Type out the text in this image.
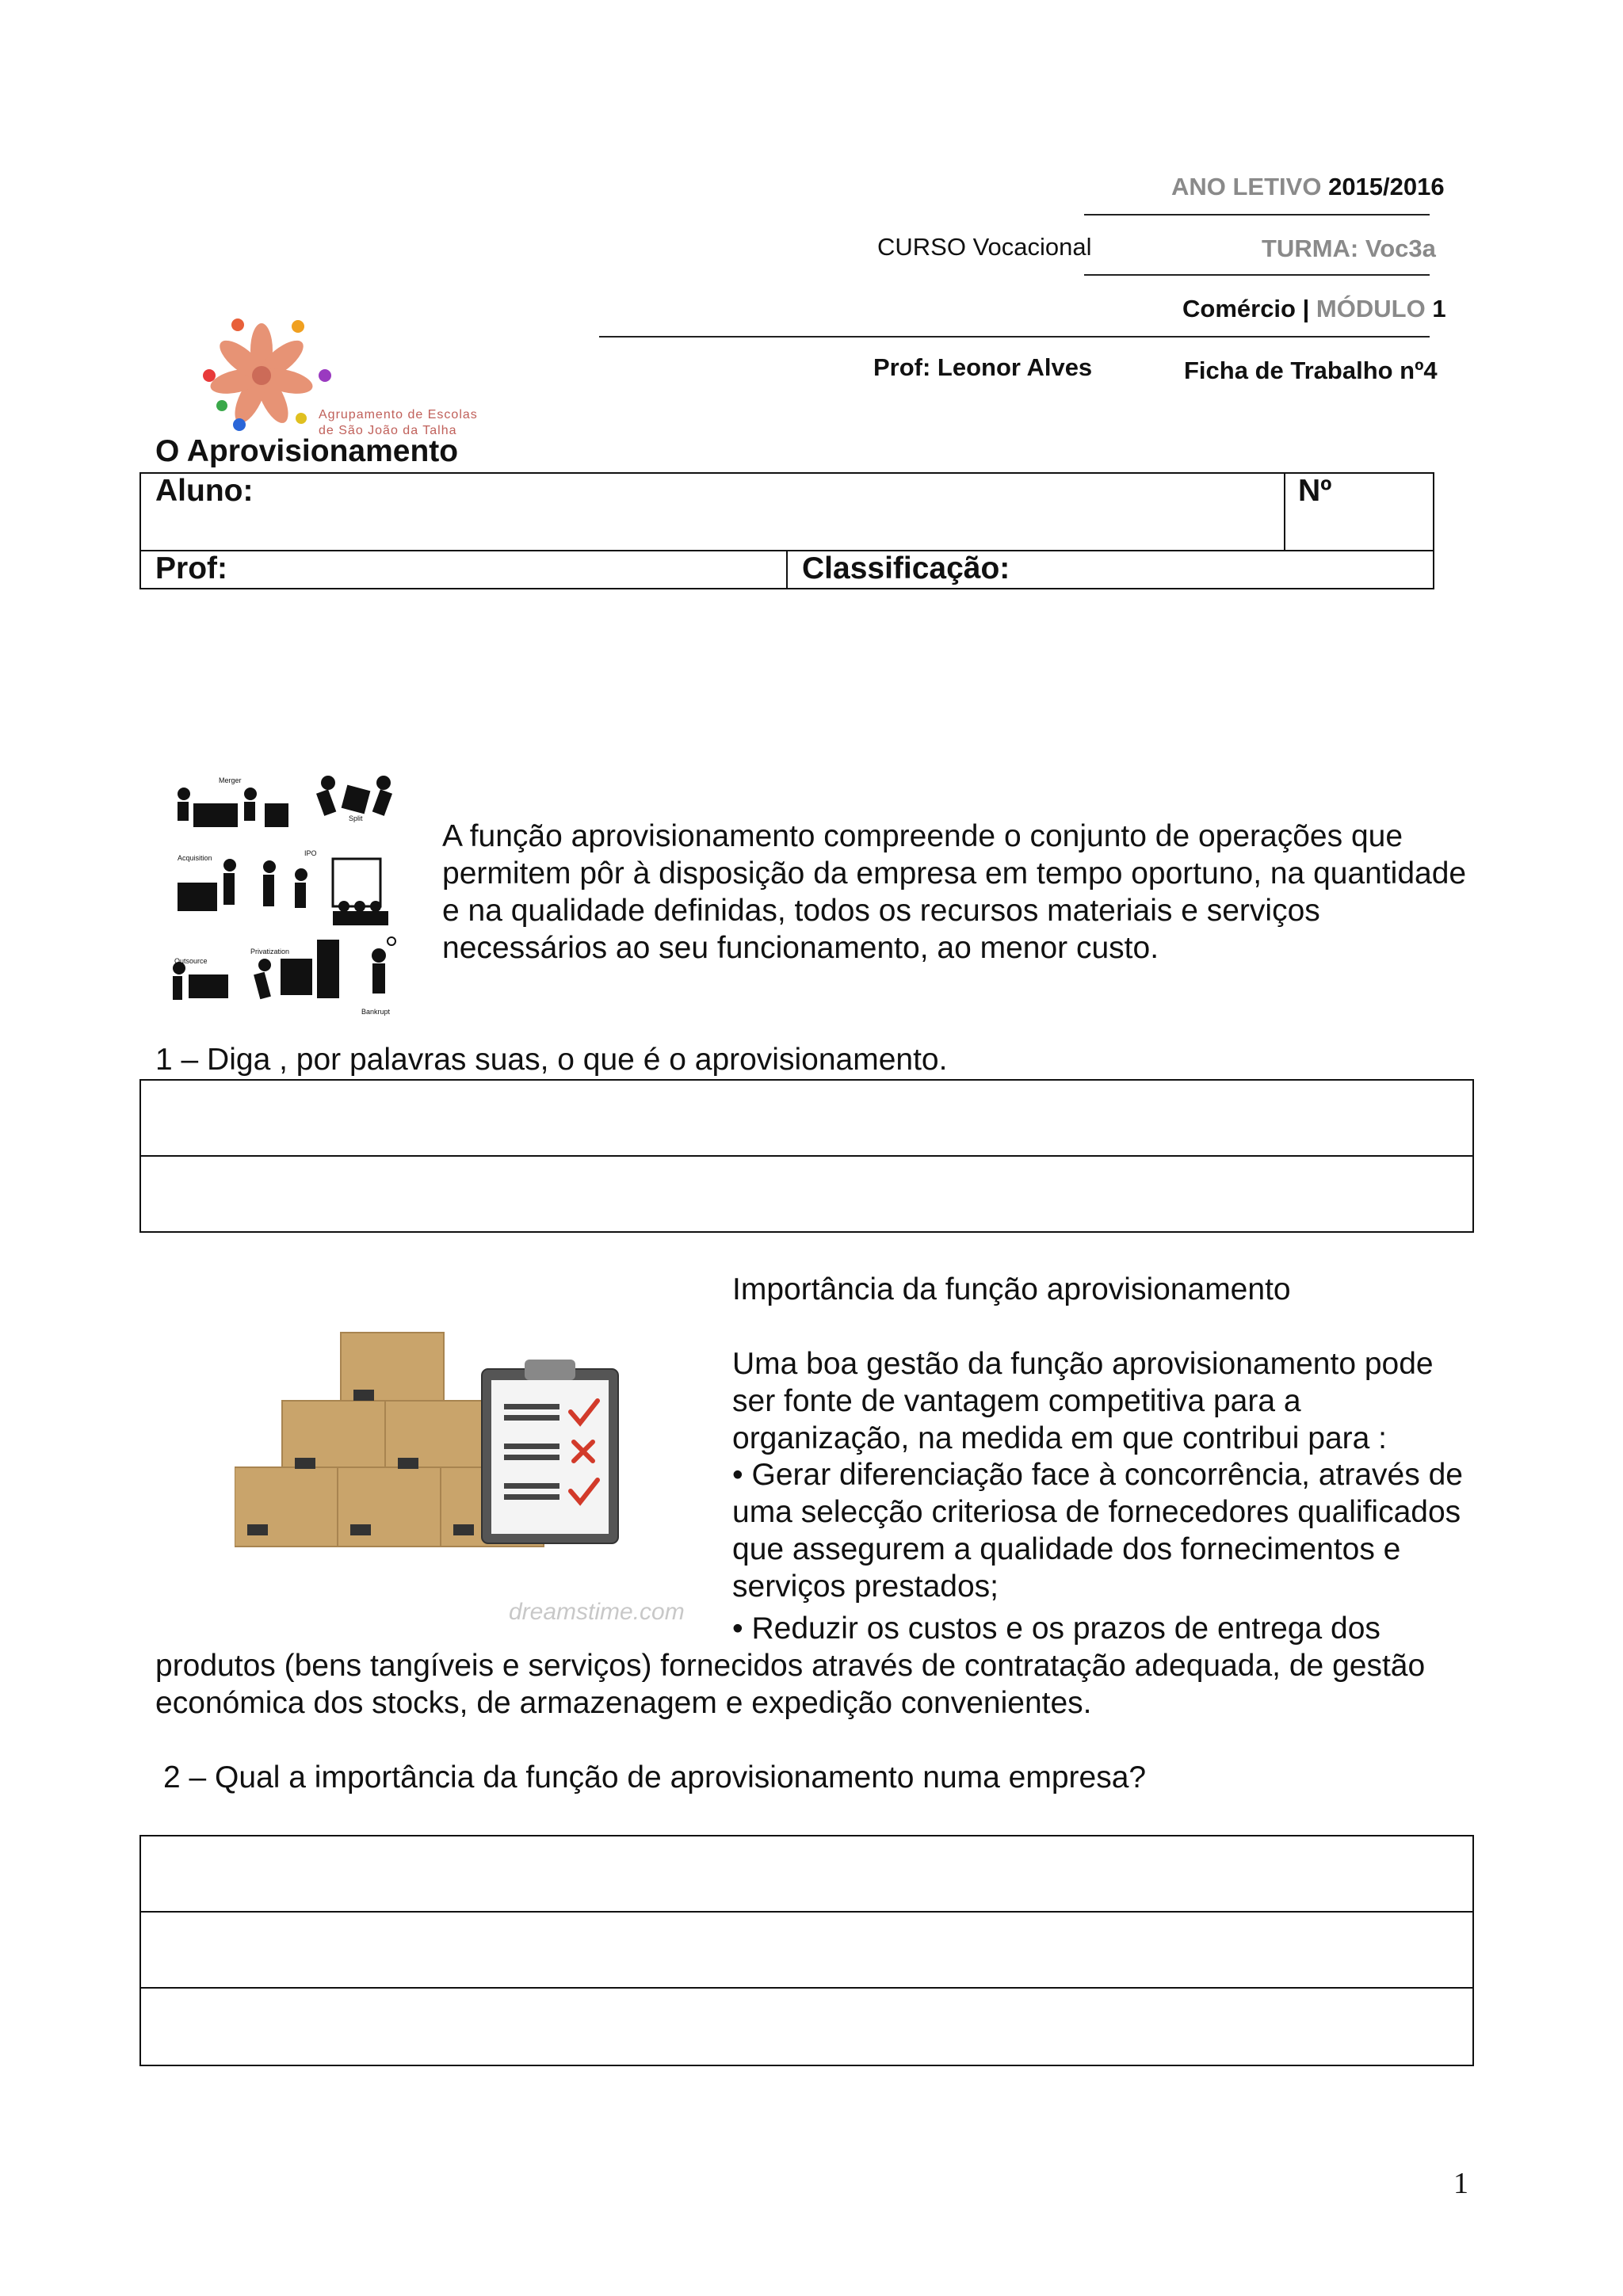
ANO LETIVO 2015/2016
CURSO Vocacional	TURMA: Voc3a
Comércio | MÓDULO 1
Prof: Leonor Alves	Ficha de Trabalho nº4
Agrupamento de Escolas
de São João da Talha
O Aprovisionamento
Aluno:	Nº
Prof:	Classificação:
Merger
Split
Acquisition
IPO
Outsource
Privatization
Bankrupt
A função aprovisionamento compreende o conjunto de operações que permitem pôr à disposição da empresa em tempo oportuno, na quantidade e na qualidade definidas, todos os recursos materiais e serviços necessários ao seu funcionamento, ao menor custo.
1 – Diga , por palavras suas, o que é o aprovisionamento.
dreamstime.com
Importância da função aprovisionamento
Uma boa gestão da função aprovisionamento pode ser fonte de vantagem competitiva para a organização, na medida em que contribui para :
• Gerar diferenciação face à concorrência, através de uma selecção criteriosa de fornecedores qualificados que assegurem a qualidade dos fornecimentos e serviços prestados;
• Reduzir os custos e os prazos de entrega dos
produtos (bens tangíveis e serviços) fornecidos através de contratação adequada, de gestão económica dos stocks, de armazenagem e expedição convenientes.
2 – Qual a importância da função de aprovisionamento numa empresa?
1
